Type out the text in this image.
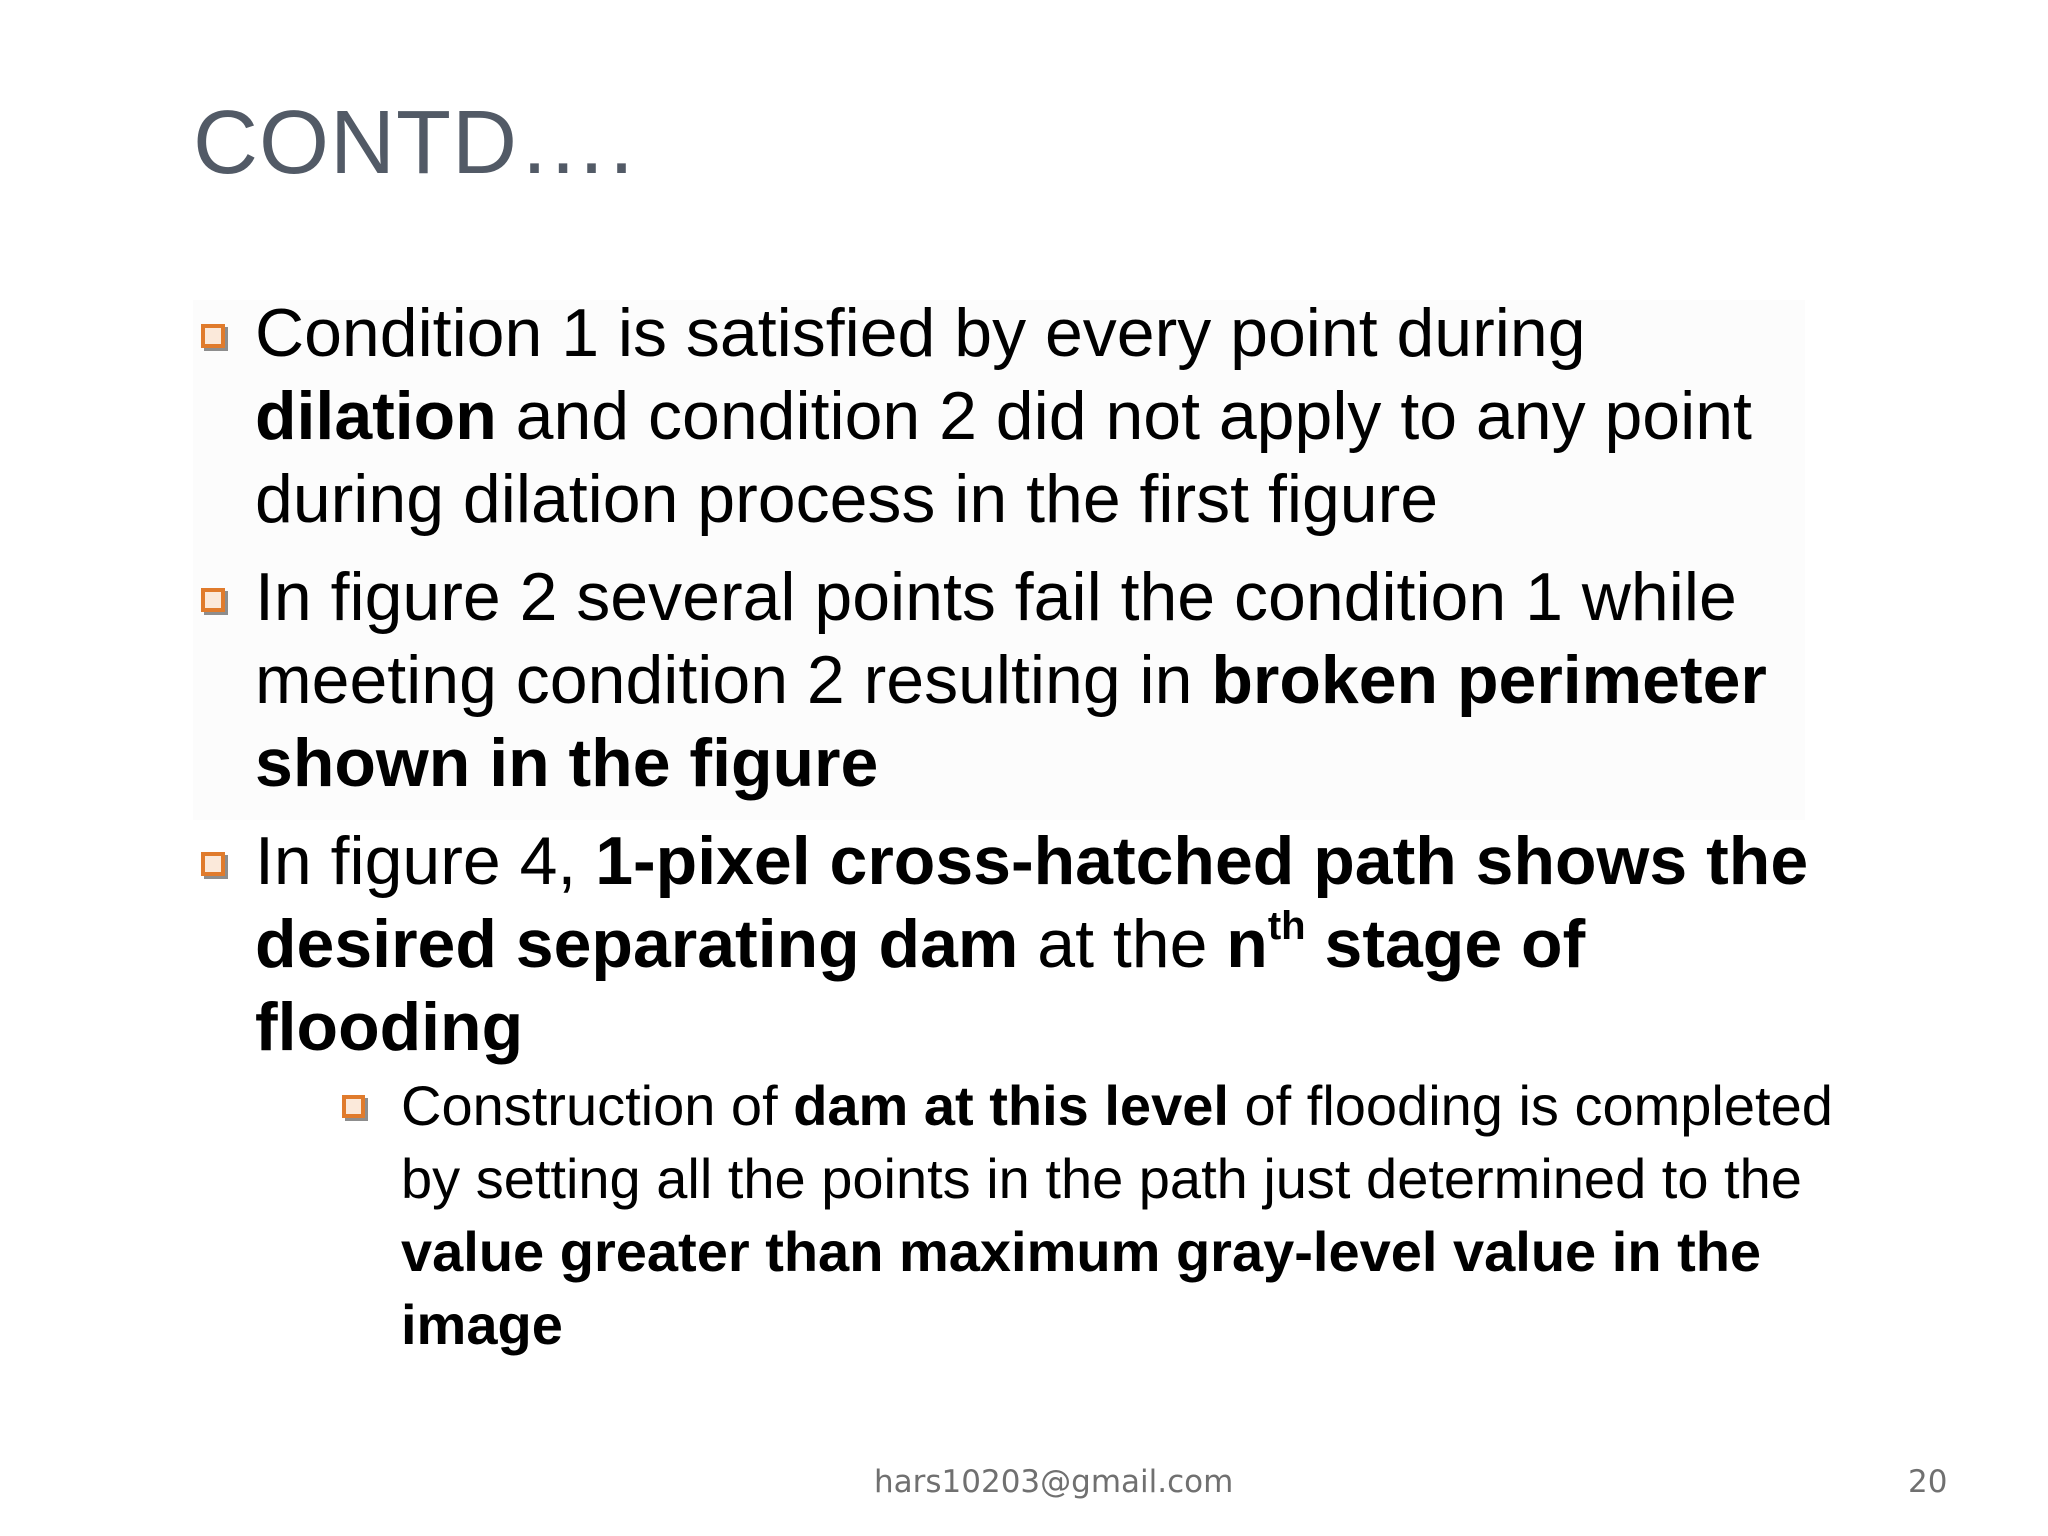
CONTD….
Condition 1 is satisfied by every point during dilation and condition 2 did not apply to any point during dilation process in the first figure
In figure 2 several points fail the condition 1 while meeting condition 2 resulting in broken perimeter shown in the figure
In figure 4, 1-pixel cross-hatched path shows the desired separating dam at the $n^{th}$ stage of flooding
Construction of dam at this level of flooding is completed by setting all the points in the path just determined to the value greater than maximum gray-level value in the image
hars10203@gmail.com	20
